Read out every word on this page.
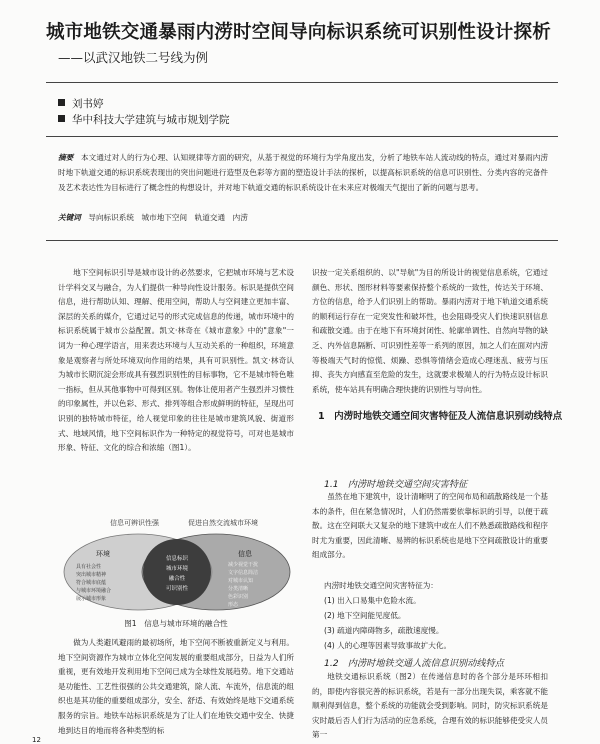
城市地铁交通暴雨内涝时空间导向标识系统可识别性设计探析
——以武汉地铁二号线为例
刘书婷
华中科技大学建筑与城市规划学院
摘要　 本文通过对人的行为心理、认知规律等方面的研究，从基于视觉的环境行为学角度出发，分析了地铁车站人流动线的特点，通过对暴雨内涝时地下轨道交通的标识系统表现出的突出问题进行造型及色彩等方面的塑造设计手法的探析，以提高标识系统的信息可识别性、分类内容的完备件及艺术表达性为目标进行了概念性的构想设计，并对地下轨道交通的标识系统设计在未来应对极端天气提出了新的问题与思考。
关键词　 导向标识系统　城市地下空间　轨道交通　内涝

地下空间标识引导是城市设计的必然要求，它把城市环境与艺术设计学科交叉与融合，为人们提供一种导向性设计服务。标识是提供空间信息，进行帮助认知、理解、使用空间，帮助人与空间建立更加丰富、深层的关系的媒介，它通过记号的形式完成信息的传递，城市环境中的标识系统属于城市公益配置。凯文·林奇在《城市意象》中的"意象"一词为一种心理学语言，用来表达环境与人互动关系的一种组织，环境意象是观察者与所处环境双向作用的结果，具有可识别性。凯文·林奇认为城市长期沉淀会形成具有强烈识别性的目标事物，它不是城市特色唯一指标，但从其他事物中可得到区别。物体让使用者产生强烈并习惯性的印象属性，并以色彩、形式、排列等组合形成鲜明的特征，呈现出可识别的独特城市特征，给人视觉印象的往往是城市建筑风貌、街道形式、地域风情，地下空间标识作为一种特定的视觉符号，可对也是城市形象、特征、文化的综合和浓缩（图1）。

信息可辨识性强	促进自然交流城市环境
环境	信息
具有社会性
突出城市精神
符合城市底蕴
与城市环境融合
展示城市形象
减少视觉干扰
文字信息简洁
对城市认知
分类清晰
色彩识别
形态
信息标识
城市环境
融合性
可识别性
图1　信息与城市环境的融合性

做为人类避风避雨的最初场所，地下空间不断被重新定义与利用。地下空间资源作为城市立体化空间发展的重要组成部分，日益为人们所重视，更有效地开发利用地下空间已成为全球性发展趋势。地下交通站是功能性、工艺性很强的公共交通建筑，除人流、车流外，信息流的组织也是其功能的重要组成部分，安全、舒适、有效始终是地下交通系统服务的宗旨。地铁车站标识系统是为了让人们在地铁交通中安全、快捷地到达目的地而将各种类型的标

识按一定关系组织的、以"导航"为目的所设计的视觉信息系统，它通过颜色、形状、图形材料等要素保持整个系统的一致性，传达关于环境、方位的信息，给予人们识别上的帮助。暴雨内涝对于地下轨道交通系统的顺利运行存在一定突发性和破坏性，也会阻碍受灾人们快速识别信息和疏散交通。由于在地下有环境封闭性、轮廓单调性、自然向导物的缺乏、内外信息隔断、可识别性差等一系列的原因，加之人们在面对内涝等极端天气时的惊慌、烦躁、恐惧等情绪会造成心理迷乱、疲劳与压抑、丧失方向感直至危险的发生，这就要求极端人的行为特点设计标识系统，使车站具有明确合理快捷的识别性与导向性。

1　内涝时地铁交通空间灾害特征及人流信息识别动线特点
1.1　内涝时地铁交通空间灾害特征

虽然在地下建筑中，设计清晰明了的空间布局和疏散路线是一个基本的条件，但在紧急情况时，人们仍然需要依靠标识的引导，以便于疏散。这在空间联大又复杂的地下建筑中或在人们不熟悉疏散路线和程序时尤为重要，因此清晰、易辨的标识系统也是地下空间疏散设计的重要组成部分。

内涝时地铁交通空间灾害特征为：
(1) 出入口易集中危险水流。
(2) 地下空间能见度低。
(3) 疏道内障碍物多，疏散速度慢。
(4) 人的心理等因素导致事故扩大化。
1.2　内涝时地铁交通人流信息识别动线特点

地铁交通标识系统（图2）在传递信息时的各个部分是环环相扣的，即使内容很完善的标识系统，若是有一部分出现失误，乘客就不能顺利得到信息，整个系统的功能就会受到影响。同时，防灾标识系统是灾时最后否人们行为活动的应急系统，合理有效的标识能够使受灾人员第一

12
